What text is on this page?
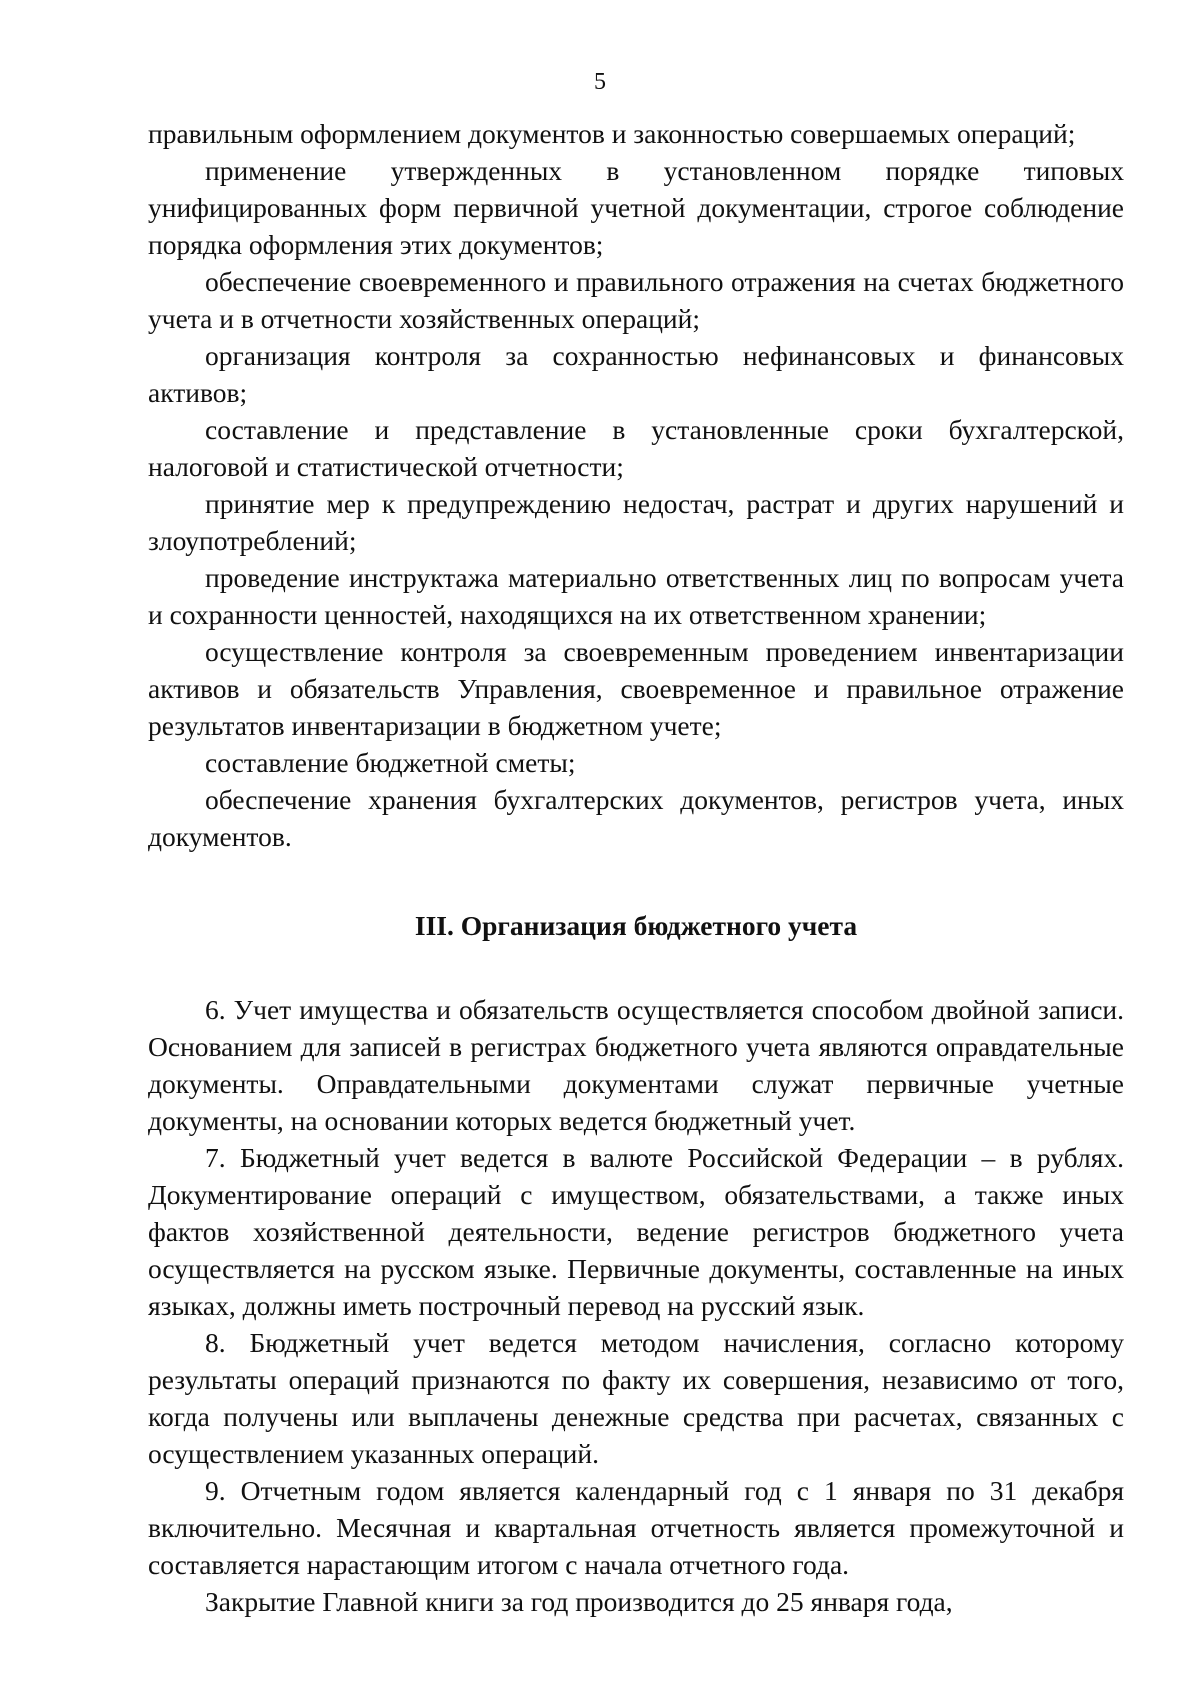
5

правильным оформлением документов и законностью совершаемых операций;

применение утвержденных в установленном порядке типовых унифицированных форм первичной учетной документации, строгое соблюдение порядка оформления этих документов;

обеспечение своевременного и правильного отражения на счетах бюджетного учета и в отчетности хозяйственных операций;

организация контроля за сохранностью нефинансовых и финансовых активов;

составление и представление в установленные сроки бухгалтерской, налоговой и статистической отчетности;

принятие мер к предупреждению недостач, растрат и других нарушений и злоупотреблений;

проведение инструктажа материально ответственных лиц по вопросам учета и сохранности ценностей, находящихся на их ответственном хранении;

осуществление контроля за своевременным проведением инвентаризации активов и обязательств Управления, своевременное и правильное отражение результатов инвентаризации в бюджетном учете;

составление бюджетной сметы;

обеспечение хранения бухгалтерских документов, регистров учета, иных документов.

III. Организация бюджетного учета

6. Учет имущества и обязательств осуществляется способом двойной записи. Основанием для записей в регистрах бюджетного учета являются оправдательные документы. Оправдательными документами служат первичные учетные документы, на основании которых ведется бюджетный учет.

7. Бюджетный учет ведется в валюте Российской Федерации – в рублях. Документирование операций с имуществом, обязательствами, а также иных фактов хозяйственной деятельности, ведение регистров бюджетного учета осуществляется на русском языке. Первичные документы, составленные на иных языках, должны иметь построчный перевод на русский язык.

8. Бюджетный учет ведется методом начисления, согласно которому результаты операций признаются по факту их совершения, независимо от того, когда получены или выплачены денежные средства при расчетах, связанных с осуществлением указанных операций.

9. Отчетным годом является календарный год с 1 января по 31 декабря включительно. Месячная и квартальная отчетность является промежуточной и составляется нарастающим итогом с начала отчетного года.

Закрытие Главной книги за год производится до 25 января года,
